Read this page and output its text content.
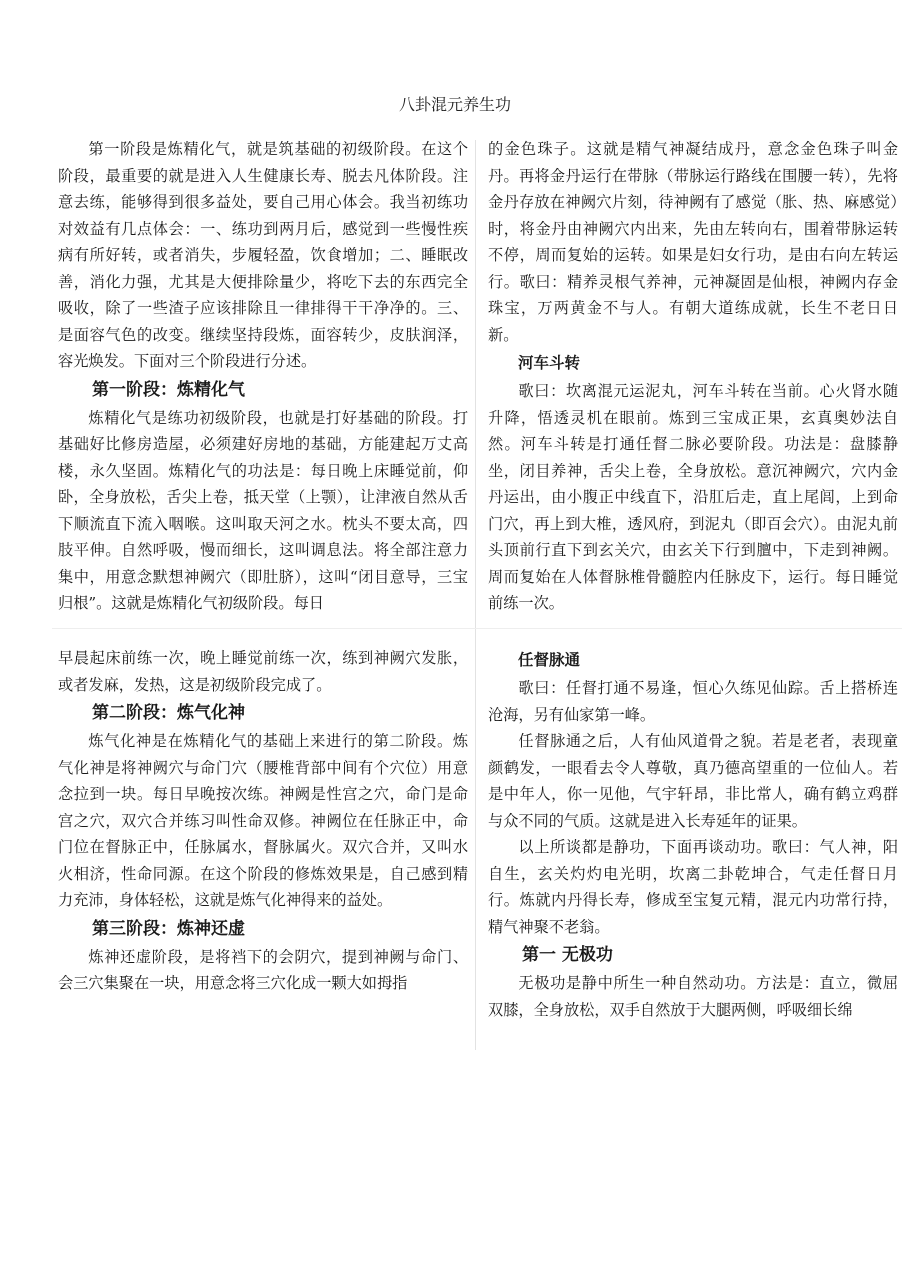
八卦混元养生功

第一阶段是炼精化气，就是筑基础的初级阶段。在这个阶段，最重要的就是进入人生健康长寿、脱去凡体阶段。注意去练，能够得到很多益处，要自己用心体会。我当初练功对效益有几点体会：一、练功到两月后，感觉到一些慢性疾病有所好转，或者消失，步履轻盈，饮食增加；二、睡眠改善，消化力强，尤其是大便排除量少，将吃下去的东西完全吸收，除了一些渣子应该排除且一律排得干干净净的。三、是面容气色的改变。继续坚持段炼，面容转少，皮肤润泽，容光焕发。下面对三个阶段进行分述。

第一阶段：炼精化气

炼精化气是练功初级阶段，也就是打好基础的阶段。打基础好比修房造屋，必须建好房地的基础，方能建起万丈高楼，永久坚固。炼精化气的功法是：每日晚上床睡觉前，仰卧，全身放松，舌尖上卷，抵天堂（上颚），让津液自然从舌下顺流直下流入咽喉。这叫取天河之水。枕头不要太高，四肢平伸。自然呼吸，慢而细长，这叫调息法。将全部注意力集中，用意念默想神阙穴（即肚脐），这叫“闭目意导，三宝归根”。这就是炼精化气初级阶段。每日

的金色珠子。这就是精气神凝结成丹，意念金色珠子叫金丹。再将金丹运行在带脉（带脉运行路线在围腰一转），先将金丹存放在神阙穴片刻，待神阙有了感觉（胀、热、麻感觉）时，将金丹由神阙穴内出来，先由左转向右，围着带脉运转不停，周而复始的运转。如果是妇女行功，是由右向左转运行。歌曰：精养灵根气养神，元神凝固是仙根，神阙内存金珠宝，万两黄金不与人。有朝大道练成就，长生不老日日新。

河车斗转

歌曰：坎离混元运泥丸，河车斗转在当前。心火肾水随升降，悟透灵机在眼前。炼到三宝成正果，玄真奥妙法自然。河车斗转是打通任督二脉必要阶段。功法是：盘膝静坐，闭目养神，舌尖上卷，全身放松。意沉神阙穴，穴内金丹运出，由小腹正中线直下，沿肛后走，直上尾闾，上到命门穴，再上到大椎，透风府，到泥丸（即百会穴）。由泥丸前头顶前行直下到玄关穴，由玄关下行到膻中，下走到神阙。周而复始在人体督脉椎骨髓腔内任脉皮下，运行。每日睡觉前练一次。

早晨起床前练一次，晚上睡觉前练一次，练到神阙穴发胀，或者发麻，发热，这是初级阶段完成了。

第二阶段：炼气化神

炼气化神是在炼精化气的基础上来进行的第二阶段。炼气化神是将神阙穴与命门穴（腰椎背部中间有个穴位）用意念拉到一块。每日早晚按次练。神阙是性宫之穴，命门是命宫之穴，双穴合并练习叫性命双修。神阙位在任脉正中，命门位在督脉正中，任脉属水，督脉属火。双穴合并，又叫水火相济，性命同源。在这个阶段的修炼效果是，自己感到精力充沛，身体轻松，这就是炼气化神得来的益处。

第三阶段：炼神还虚

炼神还虚阶段，是将裆下的会阴穴，提到神阙与命门、会三穴集聚在一块，用意念将三穴化成一颗大如拇指

任督脉通

歌曰：任督打通不易逢，恒心久练见仙踪。舌上搭桥连沧海，另有仙家第一峰。

任督脉通之后，人有仙风道骨之貌。若是老者，表现童颜鹤发，一眼看去令人尊敬，真乃德高望重的一位仙人。若是中年人，你一见他，气宇轩昂，非比常人，确有鹤立鸡群与众不同的气质。这就是进入长寿延年的证果。

以上所谈都是静功，下面再谈动功。歌曰：气人神，阳自生，玄关灼灼电光明，坎离二卦乾坤合，气走任督日月行。炼就内丹得长寿，修成至宝复元精，混元内功常行持，精气神聚不老翁。

第一 无极功

无极功是静中所生一种自然动功。方法是：直立，微屈双膝，全身放松，双手自然放于大腿两侧，呼吸细长绵
